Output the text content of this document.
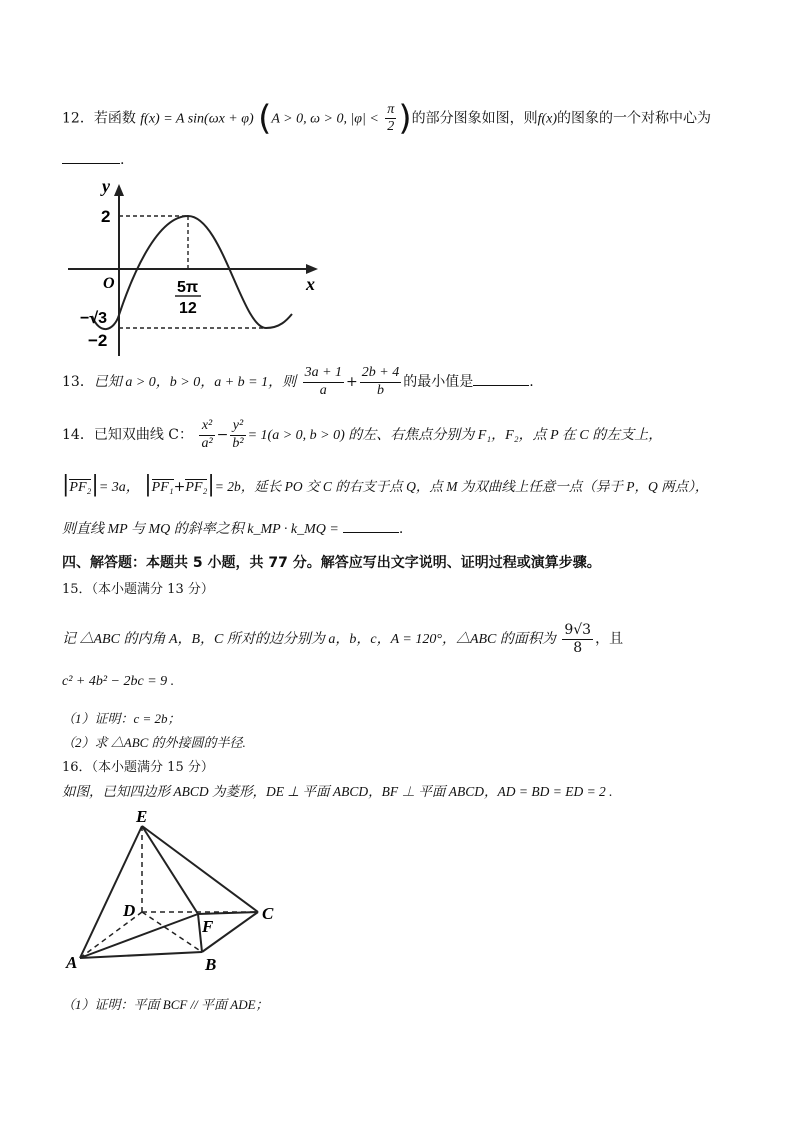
12．若函数 f(x) = A sin(ωx + φ) (A > 0, ω > 0, $|\varphi| < \frac{\pi}{2}$ )的部分图象如图，则f(x)的图象的一个对称中心为
.
y
x
O
2
−√3
−2
5π
12
13．已知 a > 0，b > 0，a + b = 1，则 $\frac{3a + 1}{a} + \frac{2b + 4}{b}$ 的最小值是	.
14．已知双曲线 C： $\frac{\text{x²}}{\text{a²}} - \frac{\text{y²}}{\text{b²}} = 1(a > 0$, b > 0) 的左、右焦点分别为 F₁，F₂，点 P 在 C 的左支上，
|PF₂|= 3a， |PF₁+PF₂|= 2b，延长 PO 交 C 的右支于点 Q，点 M 为双曲线上任意一点（异于 P，Q 两点），
则直线 MP 与 MQ 的斜率之积 k_MP · k_MQ =	.
四、解答题：本题共 5 小题，共 77 分。解答应写出文字说明、证明过程或演算步骤。
15．（本小题满分 13 分）
记 △ABC 的内角 A，B，C 所对的边分别为 a，b，c，A = 120°，△ABC 的面积为 $\frac{9√3}{8}$ ，且
c² + 4b² − 2bc = 9 .
（1）证明：c = 2b；
（2）求 △ABC 的外接圆的半径.
16．（本小题满分 15 分）
如图，已知四边形 ABCD 为菱形，DE ⊥ 平面 ABCD，BF ⊥ 平面 ABCD，AD = BD = ED = 2 .
E
D
F
C
A	B
（1）证明：平面 BCF // 平面 ADE；
